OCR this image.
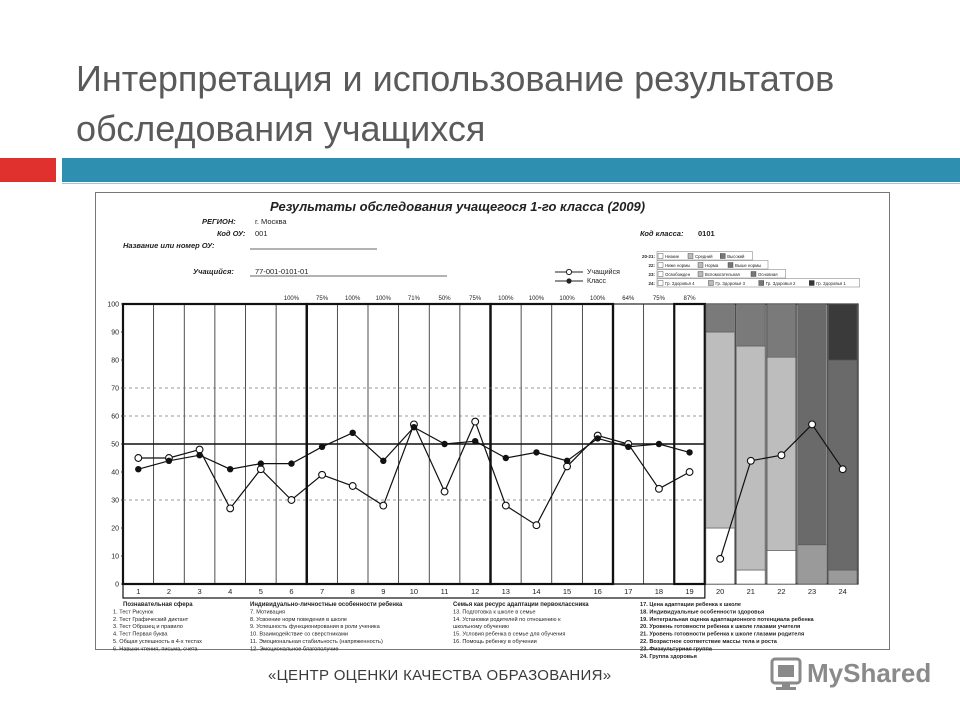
Интерпретация и использование результатов
обследования учащихся
Результаты обследования учащегося 1-го класса (2009)
РЕГИОН:	г. Москва
Код ОУ: 001	Код класса: 0101
Название или номер ОУ:
Учащийся:	77-001-0101-01	Учащийся
Класс
20-21: Низкие	Средний	Высокий
22: Ниже нормы	Норма	Выше нормы
23: Освобожден	Вспомогательная	Основная
24: Гр. Здоровья 4	Гр. Здоровья 3	Гр. Здоровья 2	Гр. Здоровья 1
100%	75%	100%	100%	71%	50%	75%	100%	100%	100%	100%	64%	75%	87%
0
10
20
30
40
50
60
70
80
90
100
1	2	3	4	5	6	7	8	9	10	11	12	13	14	15	16	17	18	19	20	21	22	23	24
Познавательная сфера	Индивидуально-личностные особенности ребенка	Семья как ресурс адаптации первоклассника
1. Тест Рисунок
2. Тест Графический диктант
3. Тест Образец и правило
4. Тест Первая буква
5. Общая успешность в 4-х тестах
6. Навыки чтения, письма, счета
7. Мотивация
8. Усвоение норм поведения в школе
9. Успешность функционирования в роли ученика
10. Взаимодействие со сверстниками
11. Эмоциональная стабильность (напряженность)
12. Эмоциональное благополучие
13. Подготовка к школе в семье
14. Установки родителей по отношению к
школьному обучению
15. Условия ребенка в семье для обучения
16. Помощь ребенку в обучении
17. Цена адаптации ребенка к школе
18. Индивидуальные особенности здоровья
19. Интегральная оценка адаптационного потенциала ребенка
20. Уровень готовности ребенка к школе глазами учителя
21. Уровень готовности ребенка к школе глазами родителя
22. Возрастное соответствие массы тела и роста
23. Физкультурная группа
24. Группа здоровья
«ЦЕНТР ОЦЕНКИ КАЧЕСТВА ОБРАЗОВАНИЯ»	MyShared
